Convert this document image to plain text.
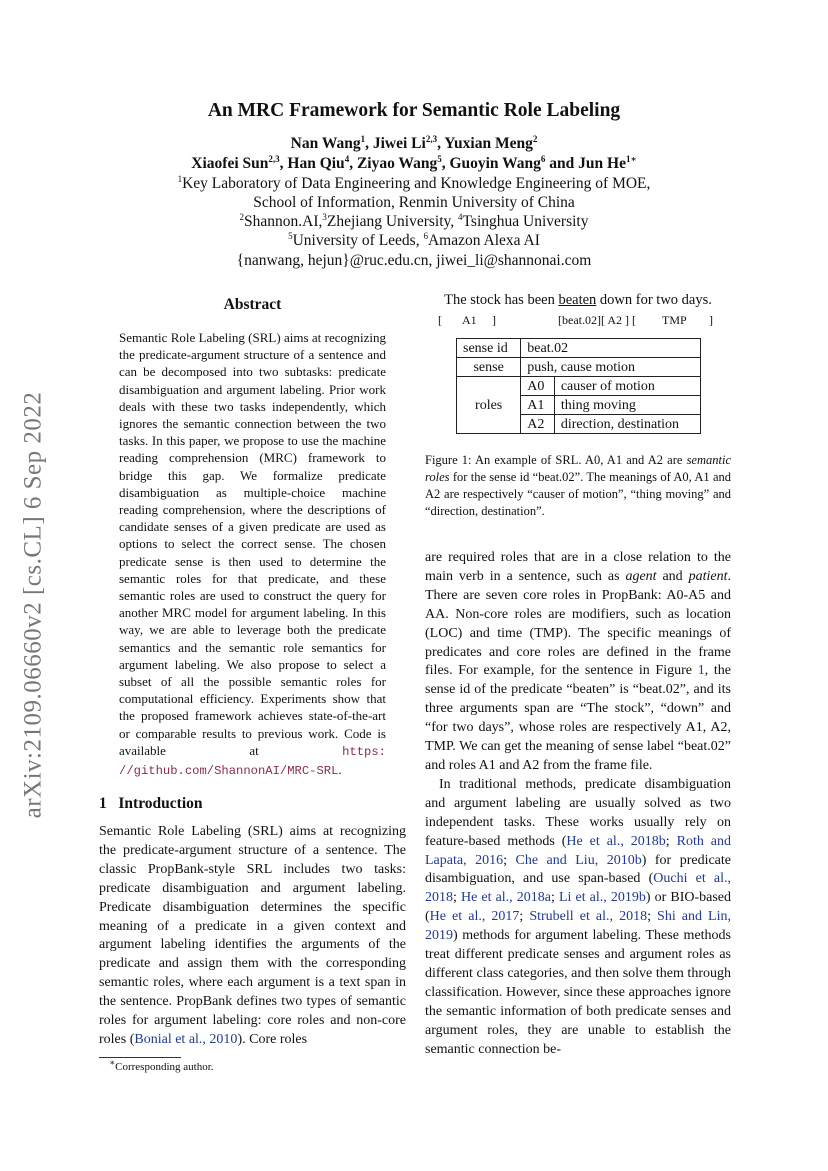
arXiv:2109.06660v2 [cs.CL] 6 Sep 2022
An MRC Framework for Semantic Role Labeling
Nan Wang$^1$, Jiwei Li$^{2,3}$, Yuxian Meng$^2$
Xiaofei Sun$^{2,3}$, Han Qiu$^4$, Ziyao Wang$^5$, Guoyin Wang$^6$ and Jun $He^{1∗}$
$^1$Key Laboratory of Data Engineering and Knowledge Engineering of MOE,
School of Information, Renmin University of China
$^2$Shannon.AI,$^3$Zhejiang University, $^4$Tsinghua University
$^5$University of Leeds, $^6$Amazon Alexa AI
{nanwang, hejun}@ruc.edu.cn, jiwei_li@shannonai.com
Abstract
Semantic Role Labeling (SRL) aims at recognizing the predicate-argument structure of a sentence and can be decomposed into two subtasks: predicate disambiguation and argument labeling. Prior work deals with these two tasks independently, which ignores the semantic connection between the two tasks. In this paper, we propose to use the machine reading comprehension (MRC) framework to bridge this gap. We formalize predicate disambiguation as multiple-choice machine reading comprehension, where the descriptions of candidate senses of a given predicate are used as options to select the correct sense. The chosen predicate sense is then used to determine the semantic roles for that predicate, and these semantic roles are used to construct the query for another MRC model for argument labeling. In this way, we are able to leverage both the predicate semantics and the semantic role semantics for argument labeling. We also propose to select a subset of all the possible semantic roles for computational efficiency. Experiments show that the proposed framework achieves state-of-the-art or comparable results to previous work. Code is available at https: //github.com/ShannonAI/MRC-SRL.
1 Introduction
Semantic Role Labeling (SRL) aims at recognizing the predicate-argument structure of a sentence. The classic PropBank-style SRL includes two tasks: predicate disambiguation and argument labeling. Predicate disambiguation determines the specific meaning of a predicate in a given context and argument labeling identifies the arguments of the predicate and assign them with the corresponding semantic roles, where each argument is a text span in the sentence. PropBank defines two types of semantic roles for argument labeling: core roles and non-core roles (Bonial et al., 2010). Core roles
∗Corresponding author.
The stock has been beaten down for two days.
[ A1 ]	[beat.02][ A2 ] [ TMP ]
sense id	beat.02	
sense	push, cause motion	
roles	A0	causer of motion
	A1	thing moving
	A2	direction, destination
Figure 1: An example of SRL. A0, A1 and A2 are semantic roles for the sense id “beat.02”. The meanings of A0, A1 and A2 are respectively “causer of motion”, “thing moving” and “direction, destination”.
are required roles that are in a close relation to the main verb in a sentence, such as agent and patient. There are seven core roles in PropBank: A0-A5 and AA. Non-core roles are modifiers, such as location (LOC) and time (TMP). The specific meanings of predicates and core roles are defined in the frame files. For example, for the sentence in Figure 1, the sense id of the predicate “beaten” is “beat.02”, and its three arguments span are “The stock”, “down” and “for two days”, whose roles are respectively A1, A2, TMP. We can get the meaning of sense label “beat.02” and roles A1 and A2 from the frame file.
In traditional methods, predicate disambiguation and argument labeling are usually solved as two independent tasks. These works usually rely on feature-based methods (He et al., 2018b; Roth and Lapata, 2016; Che and Liu, 2010b) for predicate disambiguation, and use span-based (Ouchi et al., 2018; He et al., 2018a; Li et al., 2019b) or BIO-based (He et al., 2017; Strubell et al., 2018; Shi and Lin, 2019) methods for argument labeling. These methods treat different predicate senses and argument roles as different class categories, and then solve them through classification. However, since these approaches ignore the semantic information of both predicate senses and argument roles, they are unable to establish the semantic connection be-
